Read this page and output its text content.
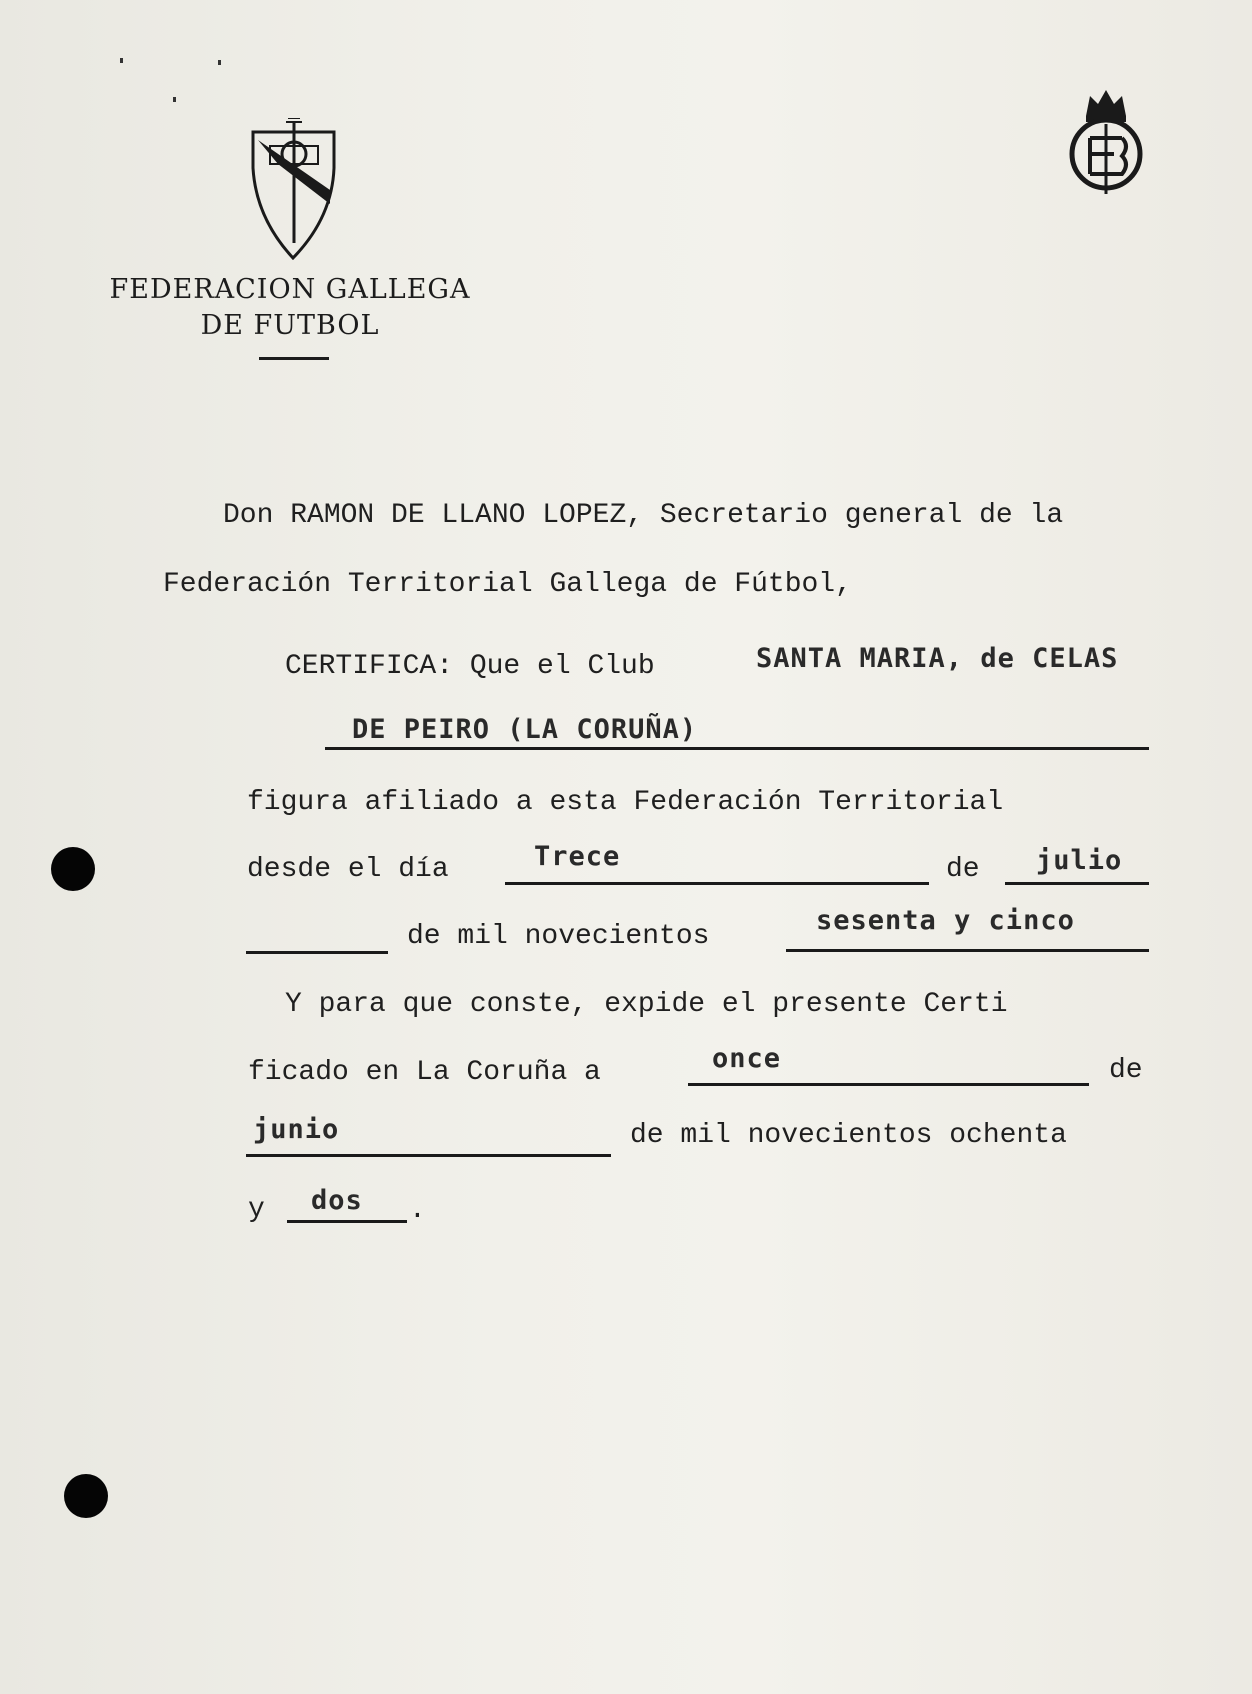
FEDERACION GALLEGA
DE FUTBOL
Don RAMON DE LLANO LOPEZ, Secretario general de la
Federación Territorial Gallega de Fútbol,
CERTIFICA: Que el Club	SANTA MARIA, de CELAS
DE PEIRO (LA CORUÑA)
figura afiliado a esta Federación Territorial
desde el día	Trece	de julio
de mil novecientos
sesenta y cinco
Y para que conste, expide el presente Certi
ficado en La Coruña a	once	de
junio	de mil novecientos ochenta
y dos .
